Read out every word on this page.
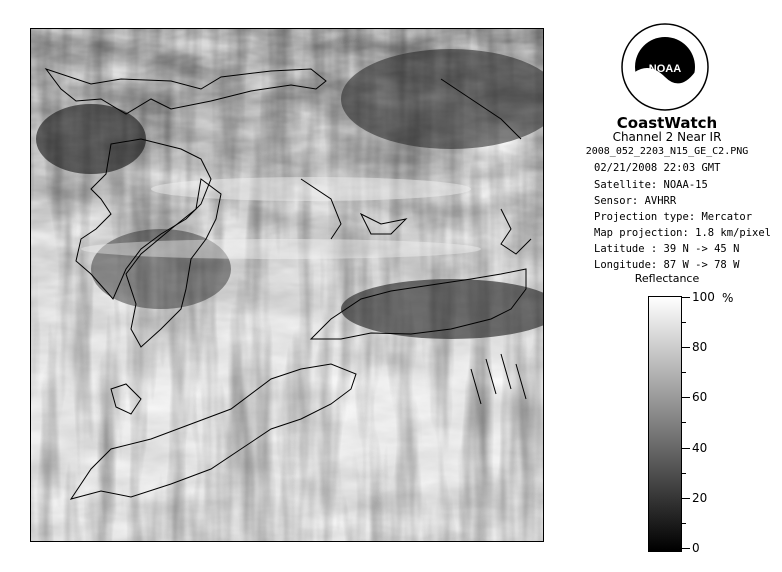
NOAA
CoastWatch
Channel 2 Near IR
2008_052_2203_N15_GE_C2.PNG
02/21/2008 22:03 GMT
Satellite: NOAA-15
Sensor: AVHRR
Projection type: Mercator
Map projection: 1.8 km/pixel
Latitude : 39 N -> 45 N
Longitude: 87 W -> 78 W
Reflectance
%
100
80
60
40
20
0
